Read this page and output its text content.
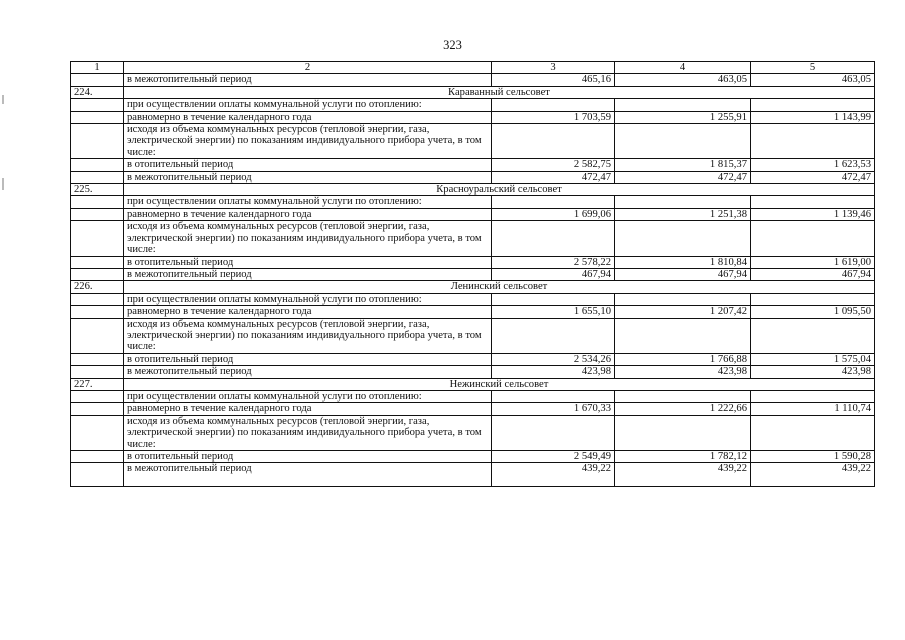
323
1	2	3	4	5
	в межотопительный период	465,16	463,05	463,05
224.	Караванный сельсовет			
	при осуществлении оплаты коммунальной услуги по отоплению:			
	равномерно в течение календарного года	1 703,59	1 255,91	1 143,99
	исходя из объема коммунальных ресурсов (тепловой энергии, газа, электрической энергии) по показаниям индивидуального прибора учета, в том числе:			
	в отопительный период	2 582,75	1 815,37	1 623,53
	в межотопительный период	472,47	472,47	472,47
225.	Красноуральский сельсовет			
	при осуществлении оплаты коммунальной услуги по отоплению:			
	равномерно в течение календарного года	1 699,06	1 251,38	1 139,46
	исходя из объема коммунальных ресурсов (тепловой энергии, газа, электрической энергии) по показаниям индивидуального прибора учета, в том числе:			
	в отопительный период	2 578,22	1 810,84	1 619,00
	в межотопительный период	467,94	467,94	467,94
226.	Ленинский сельсовет			
	при осуществлении оплаты коммунальной услуги по отоплению:			
	равномерно в течение календарного года	1 655,10	1 207,42	1 095,50
	исходя из объема коммунальных ресурсов (тепловой энергии, газа, электрической энергии) по показаниям индивидуального прибора учета, в том числе:			
	в отопительный период	2 534,26	1 766,88	1 575,04
	в межотопительный период	423,98	423,98	423,98
227.	Нежинский сельсовет			
	при осуществлении оплаты коммунальной услуги по отоплению:			
	равномерно в течение календарного года	1 670,33	1 222,66	1 110,74
	исходя из объема коммунальных ресурсов (тепловой энергии, газа, электрической энергии) по показаниям индивидуального прибора учета, в том числе:			
	в отопительный период	2 549,49	1 782,12	1 590,28
	в межотопительный период	439,22	439,22	439,22
